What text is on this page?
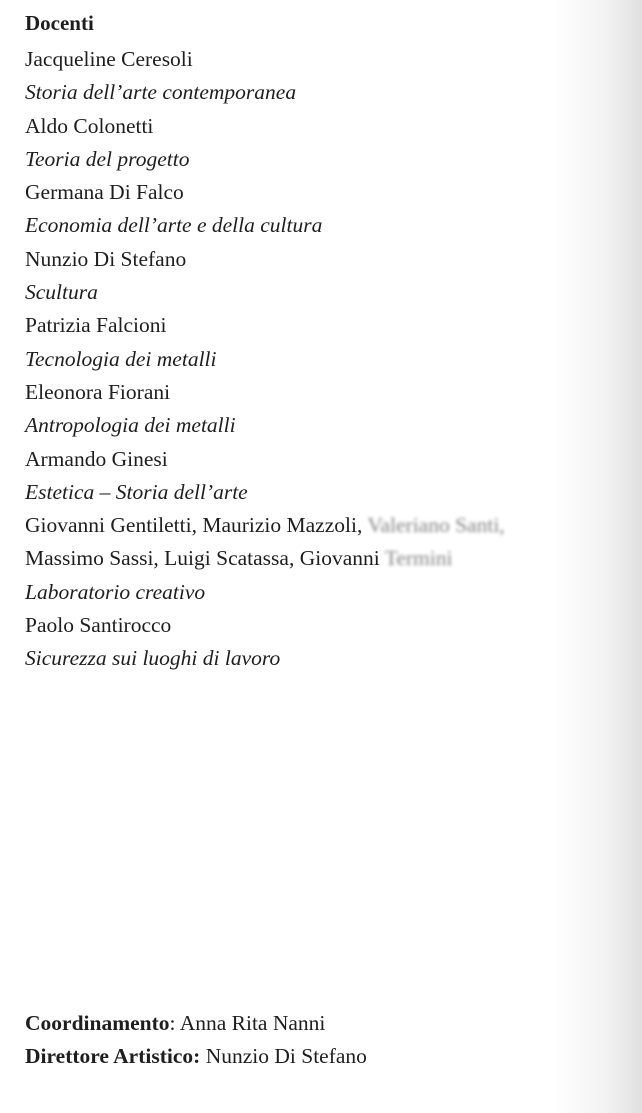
Docenti
Jacqueline Ceresoli
Storia dell’arte contemporanea
Aldo Colonetti
Teoria del progetto
Germana Di Falco
Economia dell’arte e della cultura
Nunzio Di Stefano
Scultura
Patrizia Falcioni
Tecnologia dei metalli
Eleonora Fiorani
Antropologia dei metalli
Armando Ginesi
Estetica – Storia dell’arte
Giovanni Gentiletti, Maurizio Mazzoli, Valeriano Santi,
Massimo Sassi, Luigi Scatassa, Giovanni Termini
Laboratorio creativo
Paolo Santirocco
Sicurezza sui luoghi di lavoro
Coordinamento: Anna Rita Nanni
Direttore Artistico: Nunzio Di Stefano
